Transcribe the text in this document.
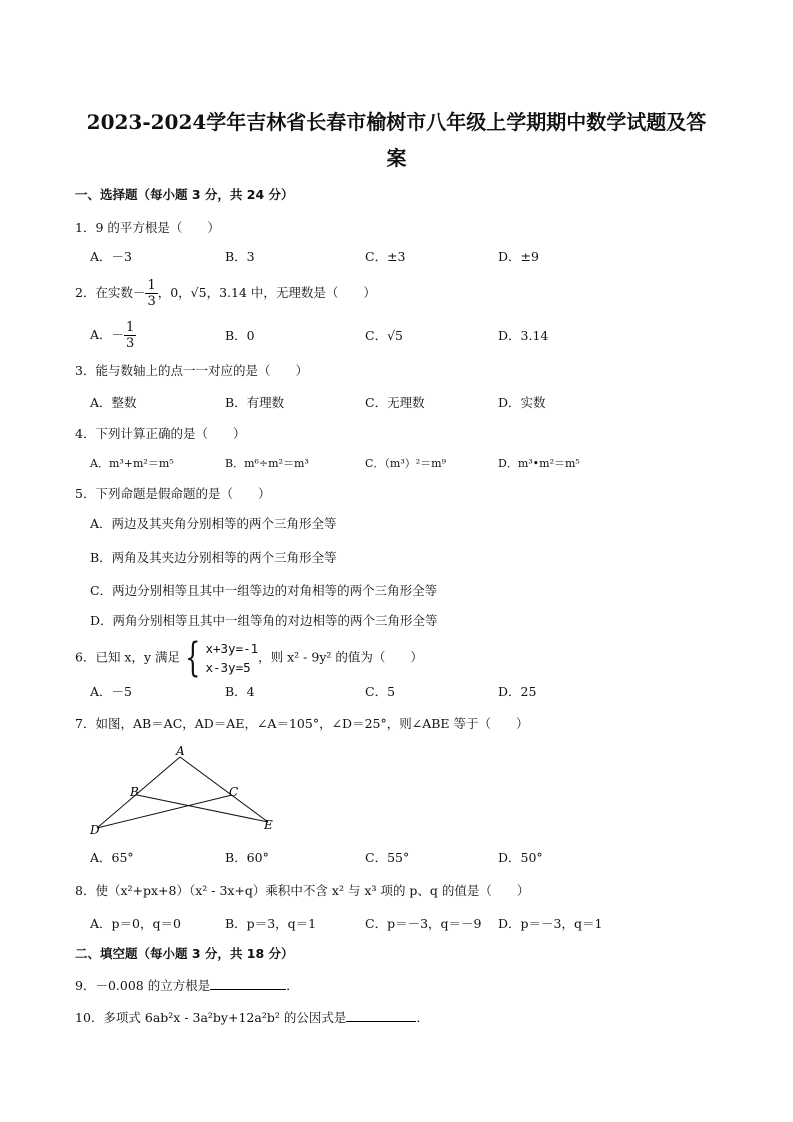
2023-2024学年吉林省长春市榆树市八年级上学期期中数学试题及答
案
一、选择题（每小题 3 分，共 24 分）
1．9 的平方根是（　　）
A．－3	B．3	C．±3	D．±9
2．在实数－ $\frac{1}{3}$ ，0，√5，3.14 中，无理数是（　　）
A．－ $\frac{1}{3}$	B．0	C．√5	D．3.14
3．能与数轴上的点一一对应的是（　　）
A．整数	B．有理数	C．无理数	D．实数
4．下列计算正确的是（　　）
A．m³+m²＝m⁵	B．m⁶÷m²＝m³	C．（m³）²＝m⁹	D．m³•m²＝m⁵
5．下列命题是假命题的是（　　）
A．两边及其夹角分别相等的两个三角形全等
B．两角及其夹边分别相等的两个三角形全等
C．两边分别相等且其中一组等边的对角相等的两个三角形全等
D．两角分别相等且其中一组等角的对边相等的两个三角形全等
6．已知 x，y 满足 { x+3y=-1
x-3y=5
，则 x² - 9y² 的值为（　　）
A．－5	B．4	C．5	D．25
7．如图，AB＝AC，AD＝AE，∠A＝105°，∠D＝25°，则∠ABE 等于（　　）
A
B	C
D	E
A．65°	B．60°	C．55°	D．50°
8．使（x²+px+8）（x² - 3x+q）乘积中不含 x² 与 x³ 项的 p、q 的值是（　　）
A．p＝0，q＝0	B．p＝3，q＝1	C．p＝－3，q＝－9 D．p＝－3，q＝1
二、填空题（每小题 3 分，共 18 分）
9．－0.008 的立方根是	．
10．多项式 6ab²x - 3a²by+12a²b² 的公因式是	．
